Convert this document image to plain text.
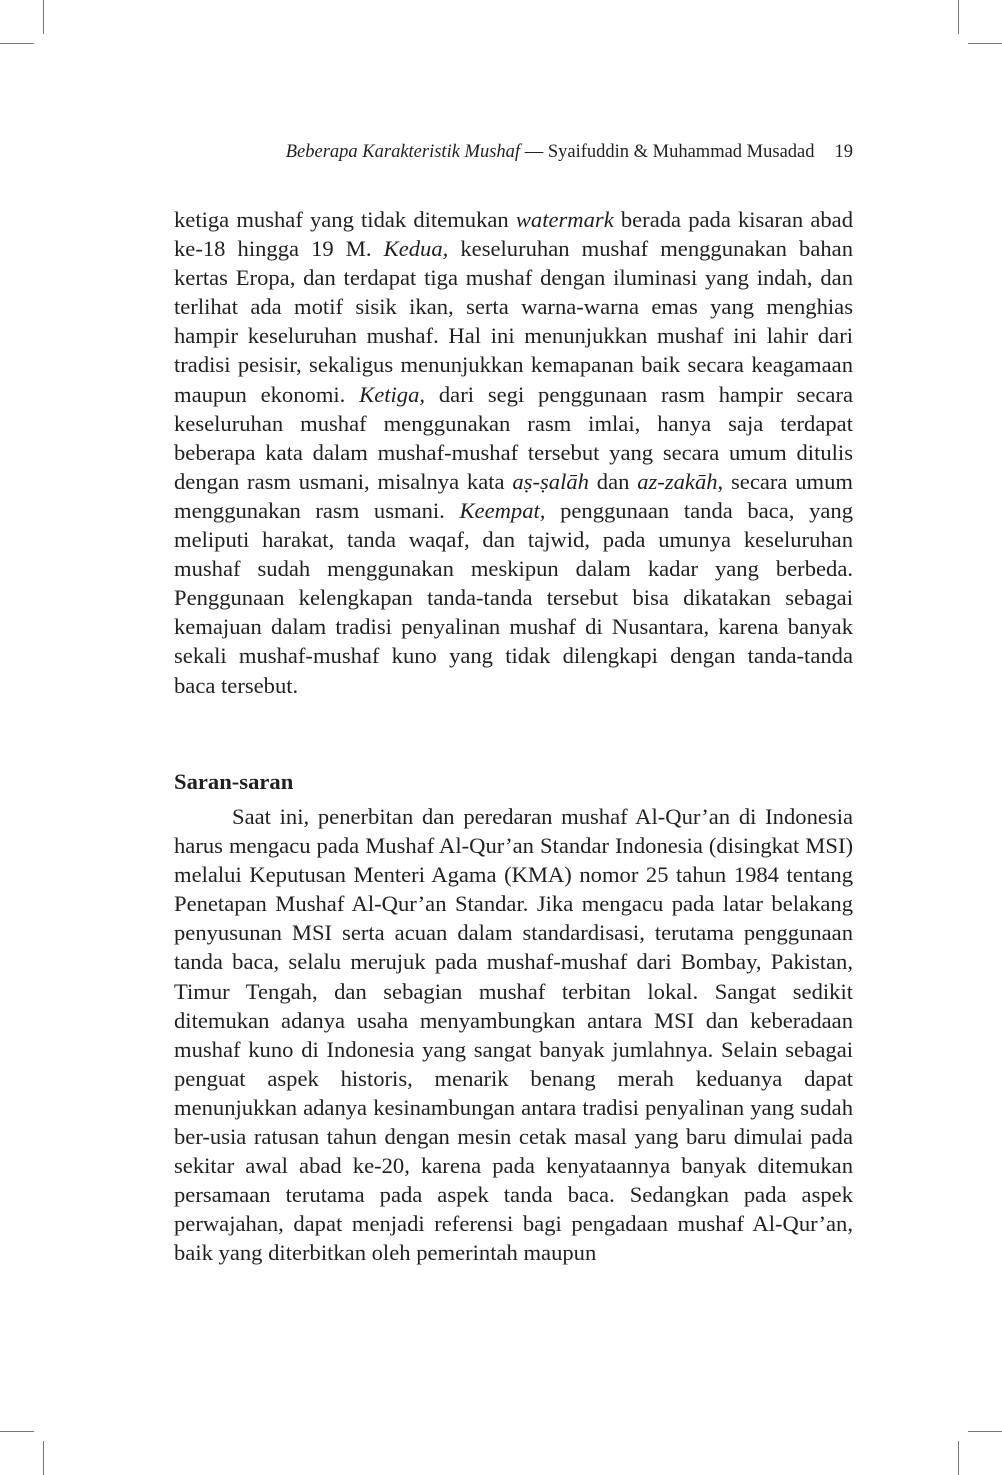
Beberapa Karakteristik Mushaf — Syaifuddin & Muhammad Musadad 19

ketiga mushaf yang tidak ditemukan watermark berada pada kisaran abad ke-18 hingga 19 M. Kedua, keseluruhan mushaf menggunakan bahan kertas Eropa, dan terdapat tiga mushaf dengan iluminasi yang indah, dan terlihat ada motif sisik ikan, serta warna-warna emas yang menghias hampir keseluruhan mushaf. Hal ini menunjukkan mushaf ini lahir dari tradisi pesisir, sekaligus menunjukkan kemapanan baik secara keagamaan maupun ekonomi. Ketiga, dari segi penggunaan rasm hampir secara keseluruhan mushaf menggunakan rasm imlai, hanya saja terdapat beberapa kata dalam mushaf-mushaf tersebut yang secara umum ditulis dengan rasm usmani, misalnya kata aṣ-ṣalāh dan az-zakāh, secara umum menggunakan rasm usmani. Keempat, penggunaan tanda baca, yang meliputi harakat, tanda waqaf, dan tajwid, pada umunya keseluruhan mushaf sudah menggunakan meskipun dalam kadar yang berbeda. Penggunaan kelengkapan tanda-tanda tersebut bisa dikatakan sebagai kemajuan dalam tradisi penyalinan mushaf di Nusantara, karena banyak sekali mushaf-mushaf kuno yang tidak dilengkapi dengan tanda-tanda baca tersebut.

Saran-saran

Saat ini, penerbitan dan peredaran mushaf Al-Qur’an di Indonesia harus mengacu pada Mushaf Al-Qur’an Standar Indonesia (disingkat MSI) melalui Keputusan Menteri Agama (KMA) nomor 25 tahun 1984 tentang Penetapan Mushaf Al-Qur’an Standar. Jika mengacu pada latar belakang penyusunan MSI serta acuan dalam standardisasi, terutama penggunaan tanda baca, selalu merujuk pada mushaf-mushaf dari Bombay, Pakistan, Timur Tengah, dan sebagian mushaf terbitan lokal. Sangat sedikit ditemukan adanya usaha menyambungkan antara MSI dan keberadaan mushaf kuno di Indonesia yang sangat banyak jumlahnya. Selain sebagai penguat aspek historis, menarik benang merah keduanya dapat menunjukkan adanya kesinambungan antara tradisi penyalinan yang sudah ber-usia ratusan tahun dengan mesin cetak masal yang baru dimulai pada sekitar awal abad ke-20, karena pada kenyataannya banyak ditemukan persamaan terutama pada aspek tanda baca. Sedangkan pada aspek perwajahan, dapat menjadi referensi bagi pengadaan mushaf Al-Qur’an, baik yang diterbitkan oleh pemerintah maupun
